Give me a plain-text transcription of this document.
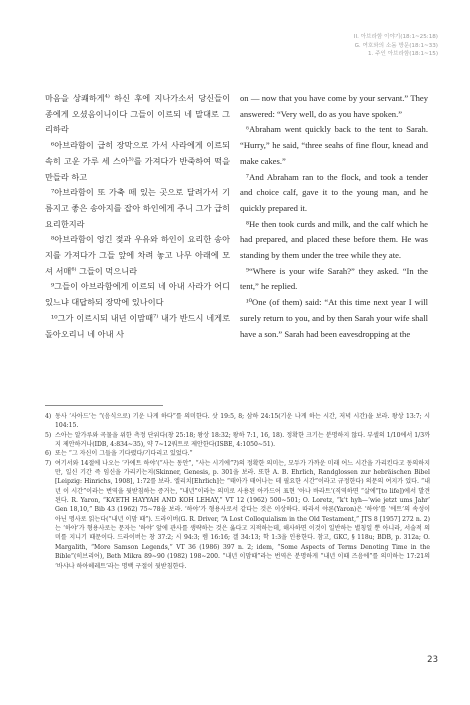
II. 아브라함 이야기(18:1~25:18)
G. 여호와의 소돔 방문(18:1~33)
1. 주인 아브라함(18:1~15)

마음을 상쾌하게$^{4)}$ 하신 후에 지나가소서 당신들이 종에게 오셨음이니이다 그들이 이르되 네 말대로 그리하라

⁶아브라함이 급히 장막으로 가서 사라에게 이르되 속히 고운 가루 세 스아$^{5)}$를 가져다가 반죽하여 떡을 만들라 하고

⁷아브라함이 또 가축 떼 있는 곳으로 달려가서 기름지고 좋은 송아지를 잡아 하인에게 주니 그가 급히 요리한지라

⁸아브라함이 엉긴 젖과 우유와 하인이 요리한 송아지를 가져다가 그들 앞에 차려 놓고 나무 아래에 모셔 서매$^{6)}$ 그들이 먹으니라

⁹그들이 아브라함에게 이르되 네 아내 사라가 어디 있느냐 대답하되 장막에 있나이다

¹⁰그가 이르시되 내년 이맘때$^{7)}$ 내가 반드시 네게로 돌아오리니 네 아내 사

on — now that you have come by your servant.” They answered: “Very well, do as you have spoken.”

⁶Abraham went quickly back to the tent to Sarah. “Hurry,” he said, “three seahs of fine flour, knead and make cakes.”

⁷And Abraham ran to the flock, and took a tender and choice calf, gave it to the young man, and he quickly prepared it.

⁸He then took curds and milk, and the calf which he had prepared, and placed these before them. He was standing by them under the tree while they ate.

⁹“Where is your wife Sarah?” they asked. “In the tent,” he replied.

¹⁰One (of them) said: “At this time next year I will surely return to you, and by then Sarah your wife shall have a son.” Sarah had been eavesdropping at the

4) 동사 ‘사아드’는 “(음식으로) 기운 나게 하다”를 의미한다. 삿 19:5, 8; 삼하 24:15(기운 나게 하는 시간, 저녁 시간)을 보라. 왕상 13:7; 시 104:15.
5) 스아는 알가루와 곡물을 위한 측정 단위다(창 25:18; 왕상 18:32; 왕하 7:1, 16, 18). 정확한 크기는 분명하지 않다. 부셀의 1/10에서 1/3까지 제안하거나(IDB, 4:834~35), 약 7~12쿼트로 제안한다(ISBE, 4:1050~51).
6) 또는 “그 자신이 그들을 기다렸다/기다리고 있었다.”
7) 여기서와 14절에 나오는 ‘카에트 하야’(“사는 동안”, “사는 시기에”?)의 정확한 의미는, 모두가 가까운 미래 어느 시간을 가리킨다고 동의하지만, 일신 기간 즉 임신을 가리키는지(Skinner, Genesis, p. 301을 보라. 또한 A. B. Ehrlich, Randglossen zur hebräischen Bibel [Leipzig: Hinrichs, 1908], 1:72를 보라. 엘리치[Ehrlich]는 “태아가 태어나는 데 필요한 시간”이라고 규정한다) 의문의 여지가 있다. “내년 이 시간”이라는 번역을 뒷받침하는 증거는, “내년”이라는 의미로 사용된 아카드어 표현 ‘아나 바라트’(직역하면 “살에”[to life])에서 발견된다. R. Yaron, “KA’ETH HAYYAH AND KOH LEHAY,” VT 12 (1962) 500~501; O. Loretz, “k‘t hyh—‘wie jetzt ums Jahr’ Gen 18,10,” Bib 43 (1962) 75~78을 보라. ‘하야’가 형용사로서 같다는 것은 이상하다. 따라서 야론(Yaron)은 ‘하야’를 ‘에트’의 속성이 아닌 명사로 읽는다(“내년 이맘 때”). 드라이버(G. R. Driver, “A Lost Colloquialism in the Old Testament,” JTS 8 [1957] 272 n. 2)는 ‘하야’가 형용사로는 문자는 ‘하야’ 앞에 관사를 생략하는 것은 옳다고 지적하는데, 해사하면 이것이 일반하는 별칭일 뿐 아니라, 서술적 의미를 지니기 때문이다. 드라이버는 창 37:2; 시 94:3; 렘 16:16; 겔 34:13; 학 1:3을 인용한다. 참고, GKC, § 118u; BDB, p. 312a; O. Margalith, “More Samson Legends,” VT 36 (1986) 397 n. 2; idem, “Some Aspects of Terms Denoting Time in the Bible”(히브리어), Beth Mikra 89~90 (1982) 198~200. “내년 이맘때”라는 번역은 분명하게 “내년 이때 즈음에”를 의미하는 17:21의 ‘바샤나 하아헤레트’라는 명백 구절이 뒷받침한다.
23
